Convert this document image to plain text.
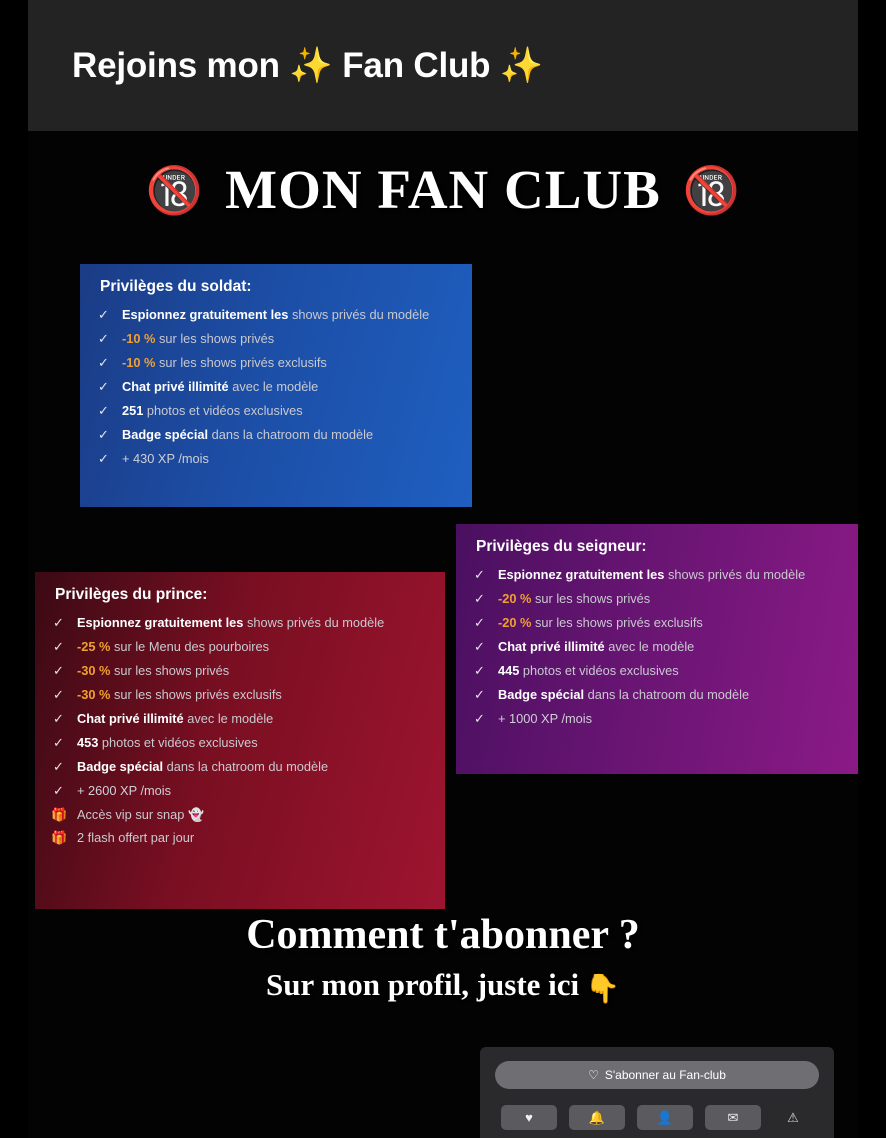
Rejoins mon ✨ Fan Club ✨
🔞 MON FAN CLUB 🔞
Privilèges du soldat:
✓ Espionnez gratuitement les shows privés du modèle
✓ -10 % sur les shows privés
✓ -10 % sur les shows privés exclusifs
✓ Chat privé illimité avec le modèle
✓ 251 photos et vidéos exclusives
✓ Badge spécial dans la chatroom du modèle
✓ + 430 XP /mois
Privilèges du seigneur:
✓ Espionnez gratuitement les shows privés du modèle
✓ -20 % sur les shows privés
✓ -20 % sur les shows privés exclusifs
✓ Chat privé illimité avec le modèle
✓ 445 photos et vidéos exclusives
✓ Badge spécial dans la chatroom du modèle
✓ + 1000 XP /mois
Privilèges du prince:
✓ Espionnez gratuitement les shows privés du modèle
✓ -25 % sur le Menu des pourboires
✓ -30 % sur les shows privés
✓ -30 % sur les shows privés exclusifs
✓ Chat privé illimité avec le modèle
✓ 453 photos et vidéos exclusives
✓ Badge spécial dans la chatroom du modèle
✓ + 2600 XP /mois
🎁 Accès vip sur snap 👻
🎁 2 flash offert par jour
Comment t'abonner ?
Sur mon profil, juste ici 👇
♡ S'abonner au Fan-club
♥	🔔	👤	✉	⚠
